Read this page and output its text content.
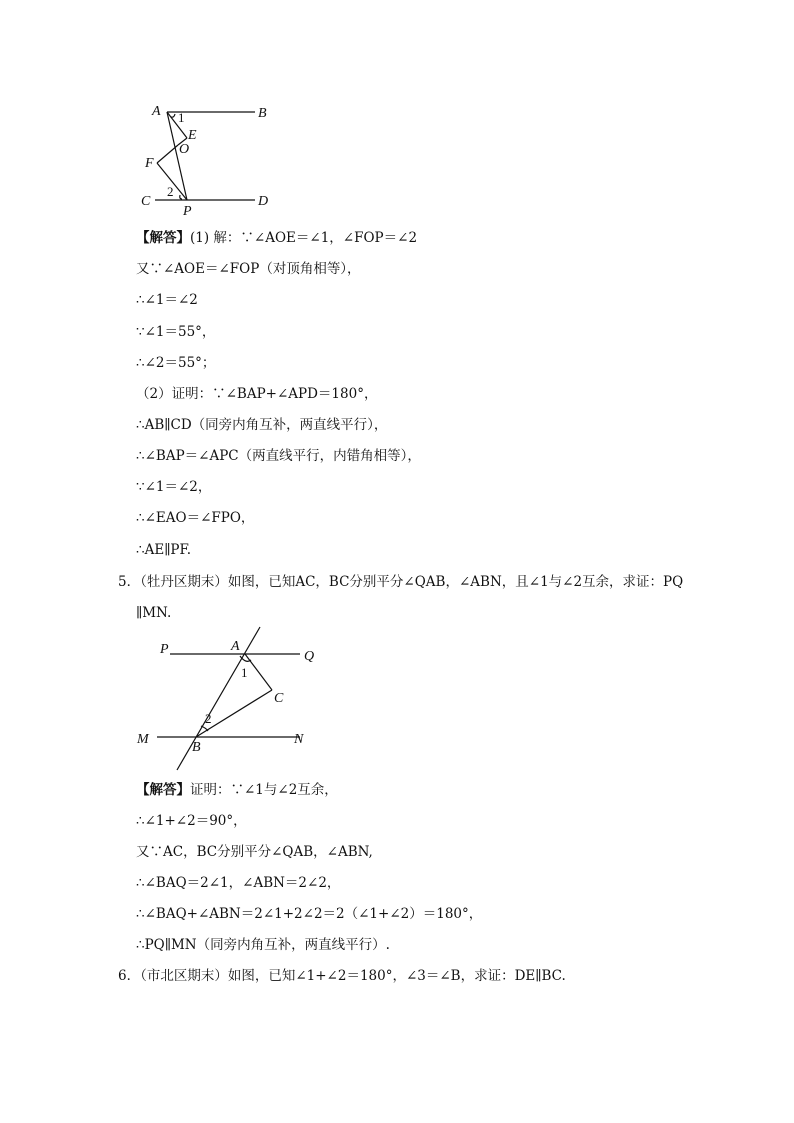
A	B
C	D
E
F
O
P
1
2
【解答】(1) 解：∵∠AOE＝∠1，∠FOP＝∠2
又∵∠AOE＝∠FOP（对顶角相等），
∴∠1＝∠2
∵∠1＝55°，
∴∠2＝55°；
（2）证明：∵∠BAP+∠APD＝180°，
∴AB∥CD（同旁内角互补，两直线平行），
∴∠BAP＝∠APC（两直线平行，内错角相等），
∵∠1＝∠2，
∴∠EAO＝∠FPO，
∴AE∥PF.
5．（牡丹区期末）如图，已知AC，BC分别平分∠QAB，∠ABN，且∠1与∠2互余，求证：PQ
∥MN.
P	A
Q
1
C
2
M
B
N
【解答】证明：∵∠1与∠2互余，
∴∠1+∠2＝90°，
又∵AC，BC分别平分∠QAB，∠ABN,
∴∠BAQ＝2∠1，∠ABN＝2∠2，
∴∠BAQ+∠ABN＝2∠1+2∠2＝2（∠1+∠2）＝180°，
∴PQ∥MN（同旁内角互补，两直线平行）.
6．（市北区期末）如图，已知∠1+∠2＝180°，∠3＝∠B，求证：DE∥BC.
